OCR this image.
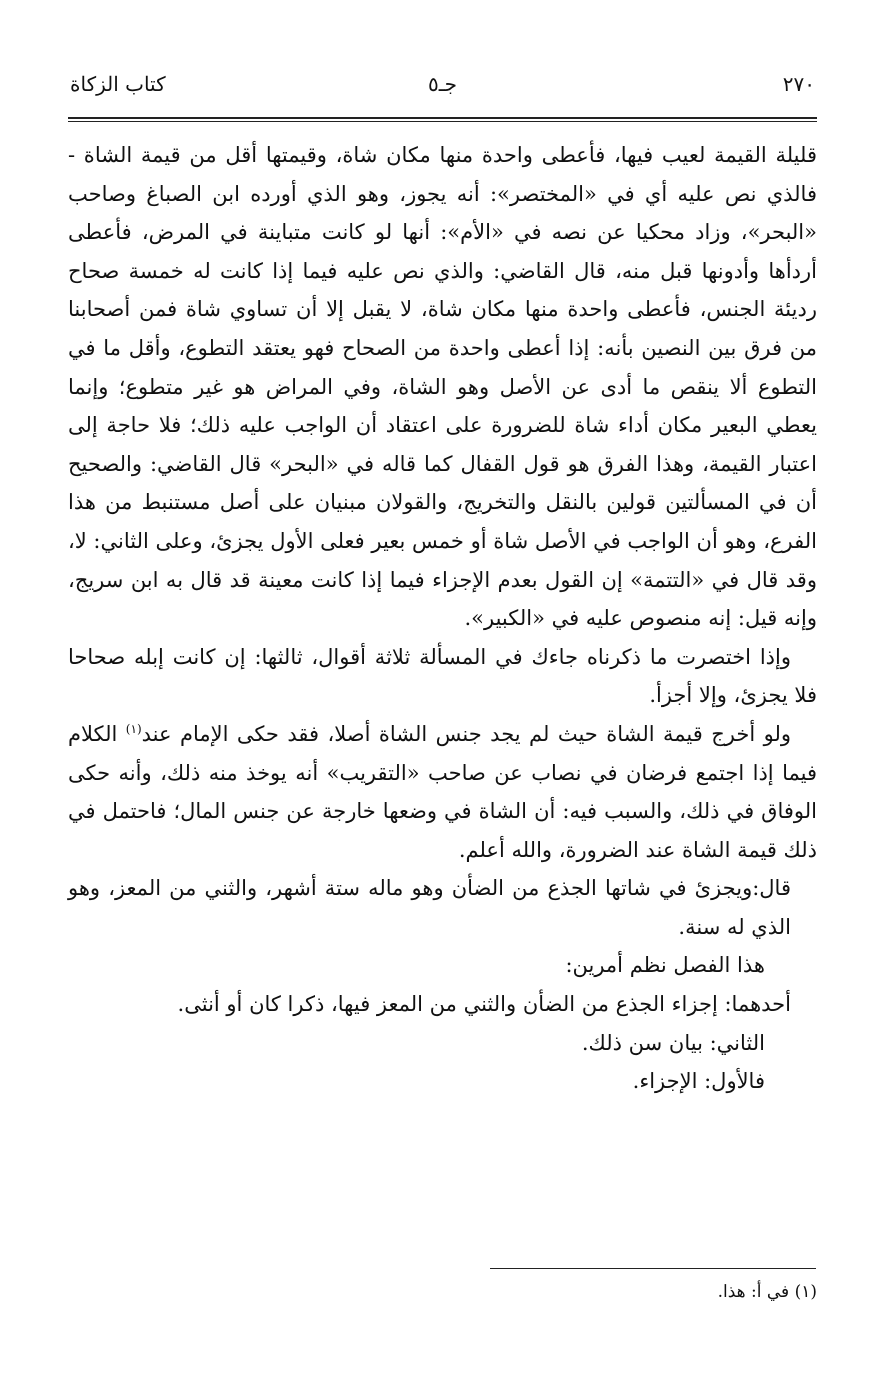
٢٧٠
جـ٥
كتاب الزكاة

قليلة القيمة لعيب فيها، فأعطى واحدة منها مكان شاة، وقيمتها أقل من قيمة الشاة - فالذي نص عليه أي في «المختصر»: أنه يجوز، وهو الذي أورده ابن الصباغ وصاحب «البحر»، وزاد محكيا عن نصه في «الأم»: أنها لو كانت متباينة في المرض، فأعطى أردأها وأدونها قبل منه، قال القاضي: والذي نص عليه فيما إذا كانت له خمسة صحاح رديئة الجنس، فأعطى واحدة منها مكان شاة، لا يقبل إلا أن تساوي شاة فمن أصحابنا من فرق بين النصين بأنه: إذا أعطى واحدة من الصحاح فهو يعتقد التطوع، وأقل ما في التطوع ألا ينقص ما أدى عن الأصل وهو الشاة، وفي المراض هو غير متطوع؛ وإنما يعطي البعير مكان أداء شاة للضرورة على اعتقاد أن الواجب عليه ذلك؛ فلا حاجة إلى اعتبار القيمة، وهذا الفرق هو قول القفال كما قاله في «البحر» قال القاضي: والصحيح أن في المسألتين قولين بالنقل والتخريج، والقولان مبنيان على أصل مستنبط من هذا الفرع، وهو أن الواجب في الأصل شاة أو خمس بعير فعلى الأول يجزئ، وعلى الثاني: لا، وقد قال في «التتمة» إن القول بعدم الإجزاء فيما إذا كانت معينة قد قال به ابن سريج، وإنه قيل: إنه منصوص عليه في «الكبير».

وإذا اختصرت ما ذكرناه جاءك في المسألة ثلاثة أقوال، ثالثها: إن كانت إبله صحاحا فلا يجزئ، وإلا أجزأ.

ولو أخرج قيمة الشاة حيث لم يجد جنس الشاة أصلا، فقد حكى الإمام عند$^{(١)}$ الكلام فيما إذا اجتمع فرضان في نصاب عن صاحب «التقريب» أنه يوخذ منه ذلك، وأنه حكى الوفاق في ذلك، والسبب فيه: أن الشاة في وضعها خارجة عن جنس المال؛ فاحتمل في ذلك قيمة الشاة عند الضرورة، والله أعلم.

قال:ويجزئ في شاتها الجذع من الضأن وهو ماله ستة أشهر، والثني من المعز، وهو الذي له سنة.

هذا الفصل نظم أمرين:

أحدهما: إجزاء الجذع من الضأن والثني من المعز فيها، ذكرا كان أو أنثى.

الثاني: بيان سن ذلك.

فالأول: الإجزاء.

(١) في أ: هذا.
